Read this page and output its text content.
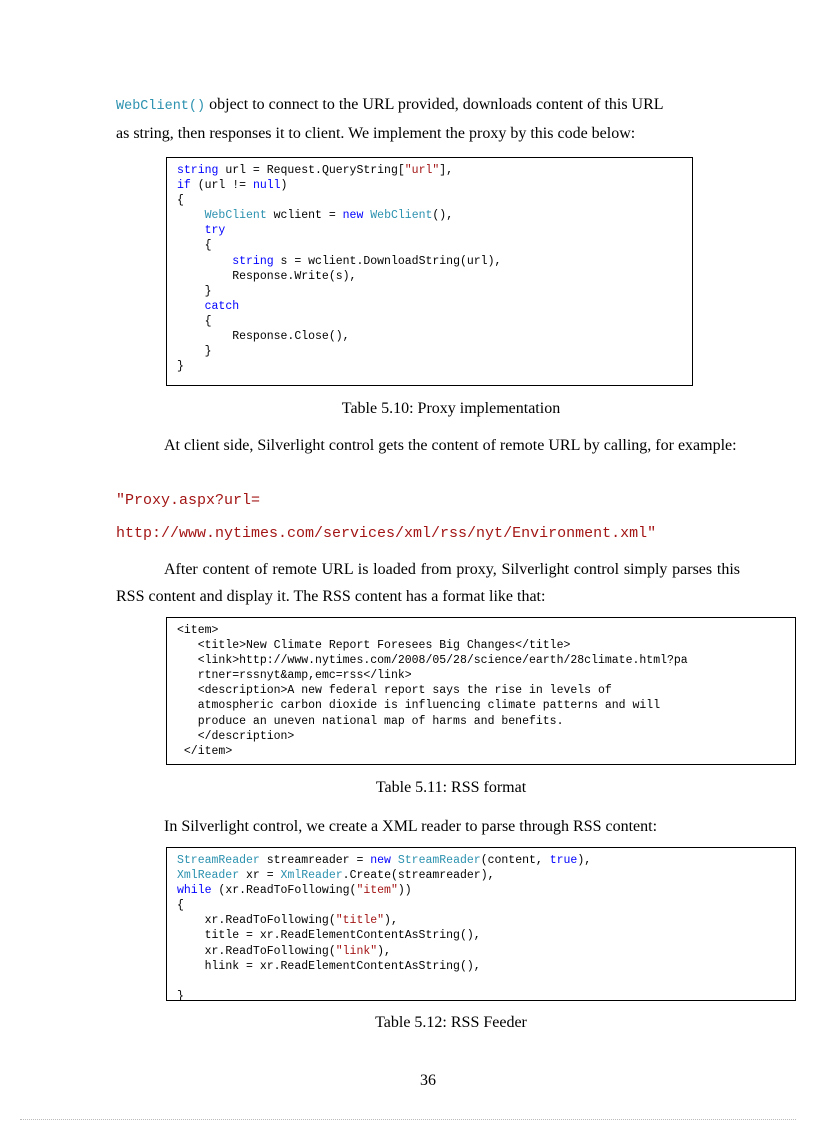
WebClient() object to connect to the URL provided, downloads content of this URL
as string, then responses it to client. We implement the proxy by this code below:

string url = Request.QueryString["url"],
if (url != null)
{
WebClient wclient = new WebClient(),
try
{
string s = wclient.DownloadString(url),
Response.Write(s),
}
catch
{
Response.Close(),
}
}

Table 5.10: Proxy implementation

At client side, Silverlight control gets the content of remote URL by calling, for example:

"Proxy.aspx?url=

http://www.nytimes.com/services/xml/rss/nyt/Environment.xml"

After content of remote URL is loaded from proxy, Silverlight control simply parses this RSS content and display it. The RSS content has a format like that:

<item>
<title>New Climate Report Foresees Big Changes</title>
<link>http://www.nytimes.com/2008/05/28/science/earth/28climate.html?pa
rtner=rssnyt&amp,emc=rss</link>
<description>A new federal report says the rise in levels of
atmospheric carbon dioxide is influencing climate patterns and will
produce an uneven national map of harms and benefits.
</description>
</item>

Table 5.11: RSS format

In Silverlight control, we create a XML reader to parse through RSS content:

StreamReader streamreader = new StreamReader(content, true),
XmlReader xr = XmlReader.Create(streamreader),
while (xr.ReadToFollowing("item"))
{
xr.ReadToFollowing("title"),
title = xr.ReadElementContentAsString(),
xr.ReadToFollowing("link"),
hlink = xr.ReadElementContentAsString(),

}

Table 5.12: RSS Feeder

36
